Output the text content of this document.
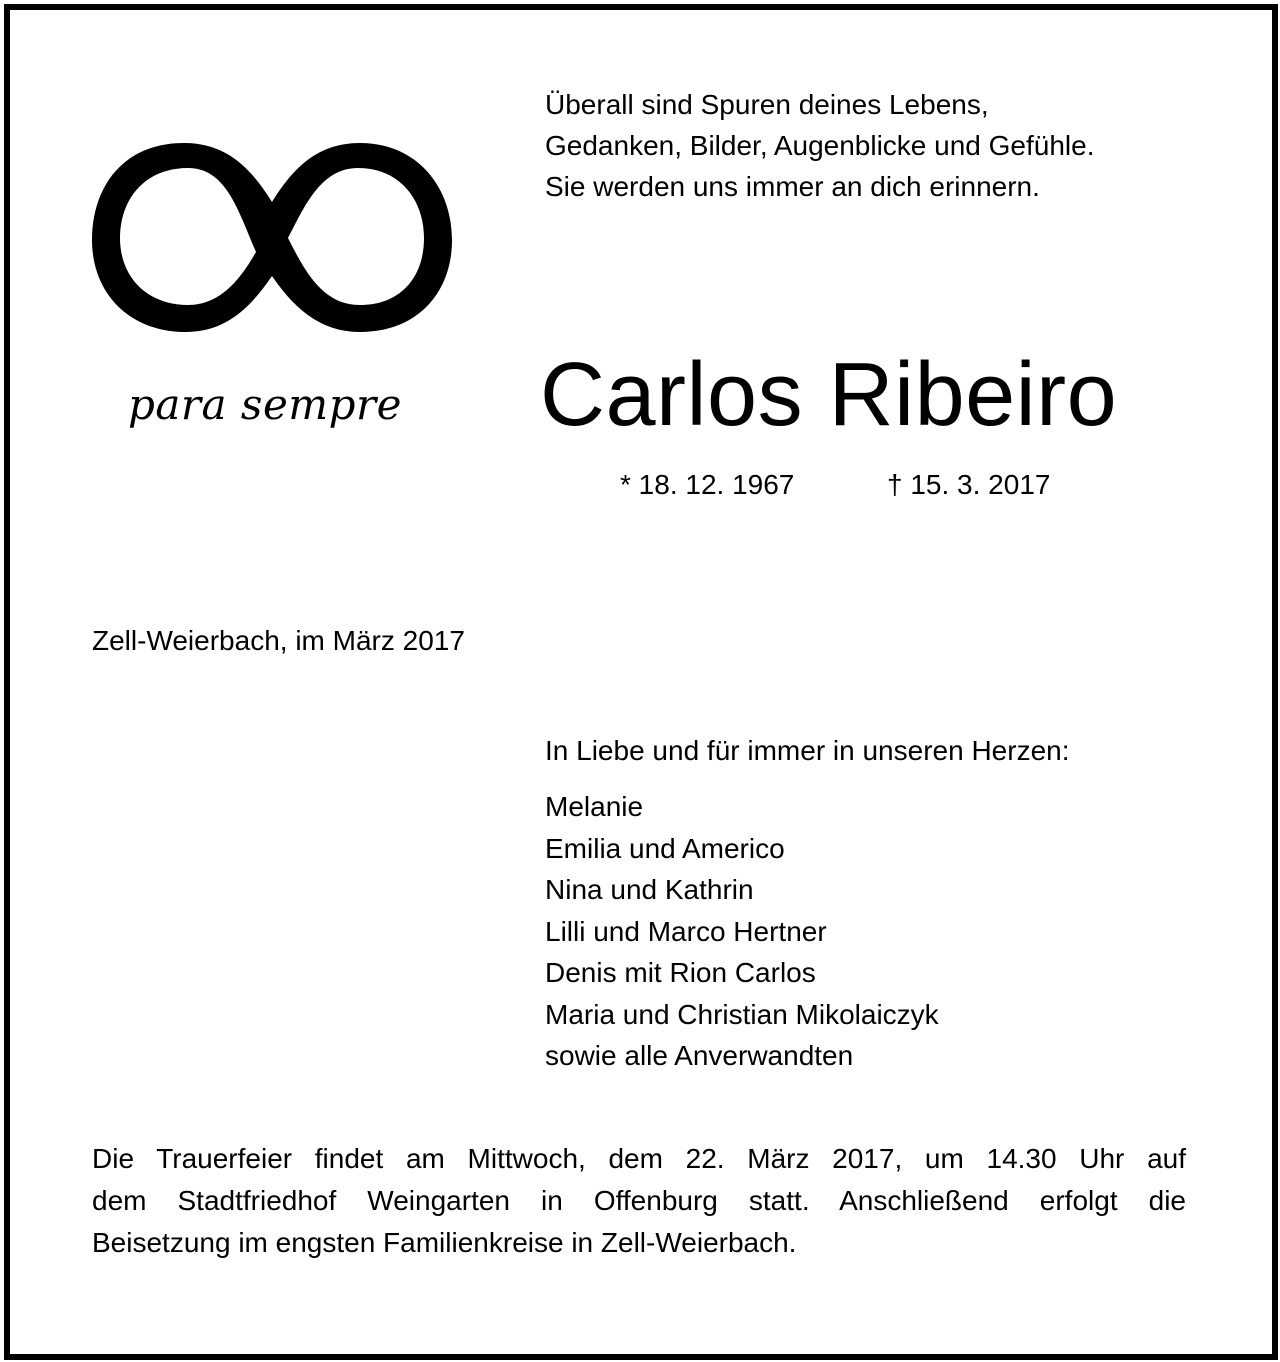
para sempre
Überall sind Spuren deines Lebens,
Gedanken, Bilder, Augenblicke und Gefühle.
Sie werden uns immer an dich erinnern.
Carlos Ribeiro
* 18. 12. 1967	† 15. 3. 2017
Zell-Weierbach, im März 2017
In Liebe und für immer in unseren Herzen:
Melanie
Emilia und Americo
Nina und Kathrin
Lilli und Marco Hertner
Denis mit Rion Carlos
Maria und Christian Mikolaiczyk
sowie alle Anverwandten
Die Trauerfeier findet am Mittwoch, dem 22. März 2017, um 14.30 Uhr auf
dem Stadtfriedhof Weingarten in Offenburg statt. Anschließend erfolgt die
Beisetzung im engsten Familienkreise in Zell-Weierbach.
